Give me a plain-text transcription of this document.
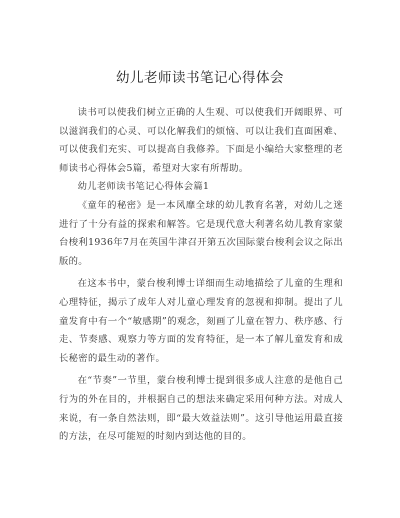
幼儿老师读书笔记心得体会

读书可以使我们树立正确的人生观、可以使我们开阔眼界、可以滋润我们的心灵、可以化解我们的烦恼、可以让我们直面困难、可以使我们充实、可以提高自我修养。下面是小编给大家整理的老师读书心得体会5篇，希望对大家有所帮助。

幼儿老师读书笔记心得体会篇1

《童年的秘密》是一本风靡全球的幼儿教育名著，对幼儿之迷进行了十分有益的探索和解答。它是现代意大利著名幼儿教育家蒙台梭利1936年7月在英国牛津召开第五次国际蒙台梭利会议之际出版的。

在这本书中，蒙台梭利博士详细而生动地描绘了儿童的生理和心理特征，揭示了成年人对儿童心理发育的忽视和抑制。提出了儿童发育中有一个“敏感期”的观念，刻画了儿童在智力、秩序感、行走、节奏感、观察力等方面的发育特征，是一本了解儿童发育和成长秘密的最生动的著作。

在“节奏”一节里，蒙台梭利博士提到很多成人注意的是他自己行为的外在目的，并根据自己的想法来确定采用何种方法。对成人来说，有一条自然法则，即“最大效益法则”。这引导他运用最直接的方法，在尽可能短的时刻内到达他的目的。
